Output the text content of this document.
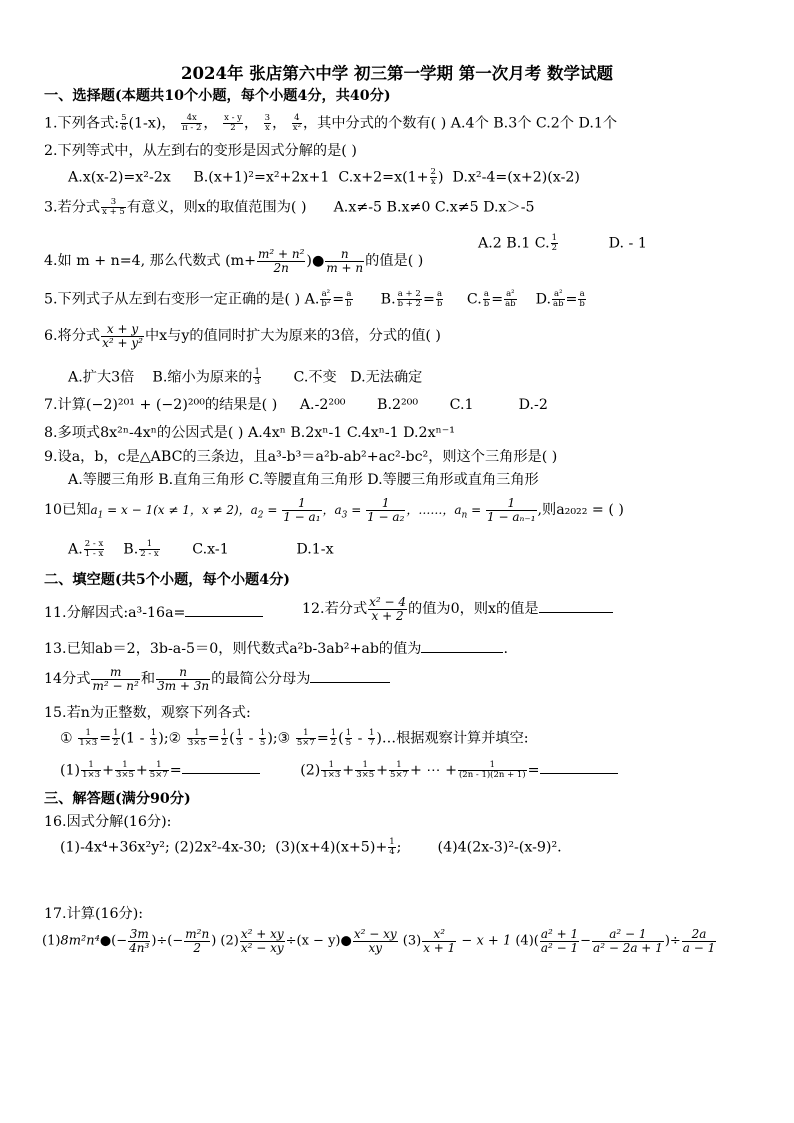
2024年 张店第六中学 初三第一学期 第一次月考 数学试题
一、选择题(本题共10个小题，每个小题4分，共40分)
1.下列各式: $\frac{5}{6} (1-x)$， $\frac{4x}{\pi - 2}$ ， $\frac{x - y}{2}$ ， $\frac{3}{x}$ ， $\frac{4}{\text{x²}}$ ，其中分式的个数有( ) A.4个 B.3个 C.2个 D.1个
2.下列等式中，从左到右的变形是因式分解的是( )
A.x(x-2)=x²-2x B.(x+1)²=x²+2x+1 $C.x+2=x(1+ \frac{2}{x}$ )  D.x²-4=(x+2)(x-2)
3.若分式 $\frac{3}{x + 5}$ 有意义，则x的取值范围为( ) A.x≠-5 B.x≠0 C.x≠5 D.x＞-5
A.2 B.1 C. $\frac{1}{2}$	D. - 1
4.如 m + n=4, 那么代数式 ($m+ \frac{\text{m² + n²}}{2n}$ )● $\frac{n}{m + n}$ 的值是( )
5.下列式子从左到右变形一定正确的是( ) A. $\frac{\text{a²}}{\text{b²}} = \frac{a}{b} B$. $\frac{a + 2}{b + 2} = \frac{a}{b} C$. $\frac{a}{b} = \frac{\text{a²}}{ab} D$. $\frac{\text{a²}}{ab} = \frac{a}{b}$
6.将分式 $\frac{x + y}{\text{x² + y²}}$ 中x与y的值同时扩大为原来的3倍，分式的值( )
A.扩大3倍 B.缩小为原来的 $\frac{1}{3} C$.不变 D.无法确定
7.计算(−2)²⁰¹ + (−2)²⁰⁰的结果是( ) A.-2²⁰⁰ B.2²⁰⁰ C.1	D.-2
8.多项式8x²ⁿ-4xⁿ的公因式是( ) A.4xⁿ B.2xⁿ-1 C.4xⁿ-1 D.2xⁿ⁻¹
9.设a，b，c是△ABC的三条边，且a³-b³＝a²b-ab²+ac²-bc²，则这个三角形是( )
A.等腰三角形 B.直角三角形 C.等腰直角三角形 D.等腰三角形或直角三角形
10已知$a_1 = x - 1(x \ne 1$，x ≠ 2)，$a_2 = \frac{1}{\text{1 − a₁}}$ ，$a_3 = \frac{1}{\text{1 − a₂}}$ ，……，$a_n = \frac{1}{\text{1 − aₙ₋₁}}$ ,则a₂₀₂₂ = ( )
A. $\frac{2 - x}{1 - x} B$. $\frac{1}{2 - x} C.x-1$	D.1-x
二、填空题(共5个小题，每个小题4分)
11.分解因式:a³-16a=	12.若分式 $\frac{\text{x² − 4}}{x + 2}$ 的值为0，则x的值是
13.已知ab＝2，3b-a-5＝0，则代数式a²b-3ab²+ab的值为	.
14分式 $\frac{m}{\text{m² − n²}}$ 和 $\frac{n}{3m + 3n}$ 的最简公分母为
15.若n为正整数，观察下列各式:
① $\frac{1}{1\times 3} = \frac{1}{2} (1 - \frac{1}{3}$ );② $\frac{1}{3\times 5} = \frac{1}{2}$ ( $\frac{1}{3} - \frac{1}{5}$ );③ $\frac{1}{5\times 7} = \frac{1}{2}$ ( $\frac{1}{5} - \frac{1}{7}$ )…根据观察计算并填空:
$(1) \frac{1}{1\times 3} + \frac{1}{3\times 5} + \frac{1}{5\times 7}$ =	$(2) \frac{1}{1\times 3} + \frac{1}{3\times 5} + \frac{1}{5\times 7}$ + ⋯ + $\frac{1}{(2n - 1)(2n + 1)}$ =
三、解答题(满分90分)
16.因式分解(16分):
(1)-4x⁴+36x²y²; (2)2x²-4x-30; $(3)(x+4)(x+5)+ \frac{1}{4}$ ;        (4)4(2x-3)²-(x-9)².
17.计算(16分):
(1)8m²n⁴●(− $\frac{3m}{\text{4n³}}$ )÷(− $\frac{\text{m²n}}{2}$ ) $(2) \frac{\text{x² + xy}}{\text{x² − xy}} \div(x$ − y)● $\frac{\text{x² − xy}}{xy} (3) \frac{\text{x²}}{x + 1} - x + 1$ $(4)( \frac{\text{a² + 1}}{\text{a² − 1}} - \frac{\text{a² − 1}}{\text{a² − 2a + 1}}$ )÷ $\frac{2a}{a - 1}$
